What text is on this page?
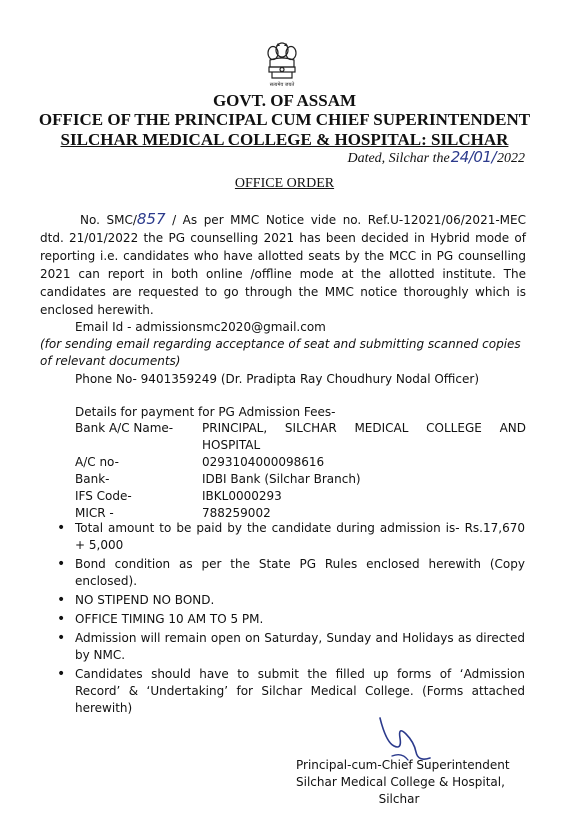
सत्यमेव जयते
GOVT. OF ASSAM
OFFICE OF THE PRINCIPAL CUM CHIEF SUPERINTENDENT
SILCHAR MEDICAL COLLEGE & HOSPITAL: SILCHAR
Dated, Silchar the24/01/2022
OFFICE ORDER
No. SMC/857 / As per MMC Notice vide no. Ref.U-12021/06/2021-MEC dtd. 21/01/2022 the PG counselling 2021 has been decided in Hybrid mode of reporting i.e. candidates who have allotted seats by the MCC in PG counselling 2021 can report in both online /offline mode at the allotted institute. The candidates are requested to go through the MMC notice thoroughly which is enclosed herewith.
Email Id - admissionsmc2020@gmail.com
(for sending email regarding acceptance of seat and submitting scanned copies of relevant documents)
Phone No- 9401359249 (Dr. Pradipta Ray Choudhury Nodal Officer)
Details for payment for PG Admission Fees-
Bank A/C Name-	PRINCIPAL, SILCHAR MEDICAL COLLEGE AND HOSPITAL
A/C no-	0293104000098616
Bank-	IDBI Bank (Silchar Branch)
IFS Code-	IBKL0000293
MICR -	788259002
• Total amount to be paid by the candidate during admission is- Rs.17,670 + 5,000
• Bond condition as per the State PG Rules enclosed herewith (Copy enclosed).
• NO STIPEND NO BOND.
• OFFICE TIMING 10 AM TO 5 PM.
• Admission will remain open on Saturday, Sunday and Holidays as directed by NMC.
• Candidates should have to submit the filled up forms of ‘Admission Record’ & ‘Undertaking’ for Silchar Medical College. (Forms attached herewith)
Principal-cum-Chief Superintendent
Silchar Medical College & Hospital,
Silchar
